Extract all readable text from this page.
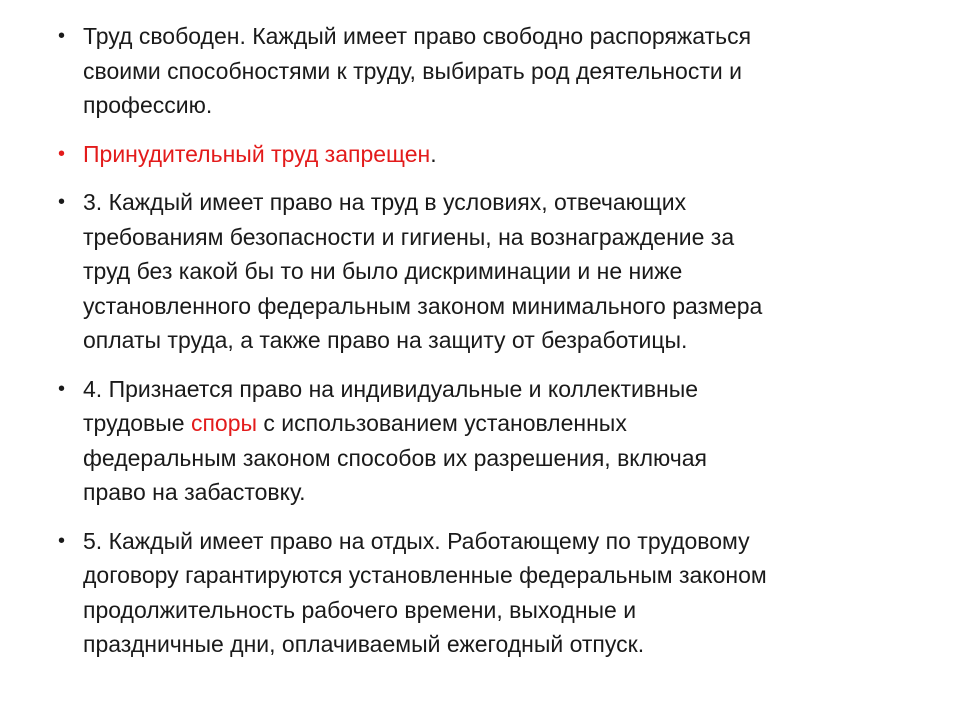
• Труд свободен. Каждый имеет право свободно распоряжаться
своими способностями к труду, выбирать род деятельности и
профессию.
• Принудительный труд запрещен.
• 3. Каждый имеет право на труд в условиях, отвечающих
требованиям безопасности и гигиены, на вознаграждение за
труд без какой бы то ни было дискриминации и не ниже
установленного федеральным законом минимального размера
оплаты труда, а также право на защиту от безработицы.
• 4. Признается право на индивидуальные и коллективные
трудовые споры с использованием установленных
федеральным законом способов их разрешения, включая
право на забастовку.
• 5. Каждый имеет право на отдых. Работающему по трудовому
договору гарантируются установленные федеральным законом
продолжительность рабочего времени, выходные и
праздничные дни, оплачиваемый ежегодный отпуск.
